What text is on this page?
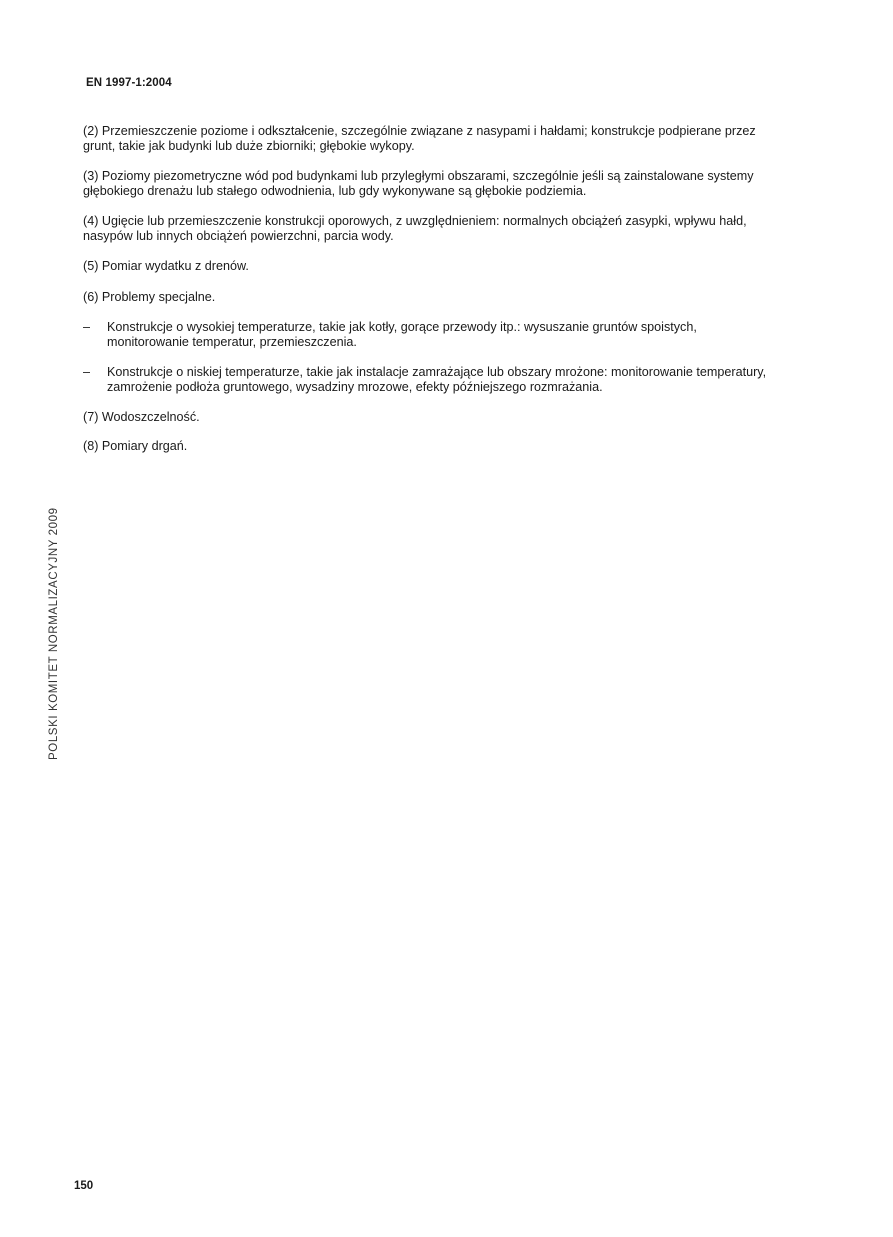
EN 1997-1:2004

(2) Przemieszczenie poziome i odkształcenie, szczególnie związane z nasypami i hałdami; konstrukcje podpierane przez grunt, takie jak budynki lub duże zbiorniki; głębokie wykopy.

(3) Poziomy piezometryczne wód pod budynkami lub przyległymi obszarami, szczególnie jeśli są zainstalowane systemy głębokiego drenażu lub stałego odwodnienia, lub gdy wykonywane są głębokie podziemia.

(4) Ugięcie lub przemieszczenie konstrukcji oporowych, z uwzględnieniem: normalnych obciążeń zasypki, wpływu hałd, nasypów lub innych obciążeń powierzchni, parcia wody.

(5) Pomiar wydatku z drenów.

(6) Problemy specjalne.

– Konstrukcje o wysokiej temperaturze, takie jak kotły, gorące przewody itp.: wysuszanie gruntów spoistych, monitorowanie temperatur, przemieszczenia.
– Konstrukcje o niskiej temperaturze, takie jak instalacje zamrażające lub obszary mrożone: monitorowanie temperatury, zamrożenie podłoża gruntowego, wysadziny mrozowe, efekty późniejszego rozmrażania.

(7) Wodoszczelność.

(8) Pomiary drgań.

POLSKI KOMITET NORMALIZACYJNY 2009
150
